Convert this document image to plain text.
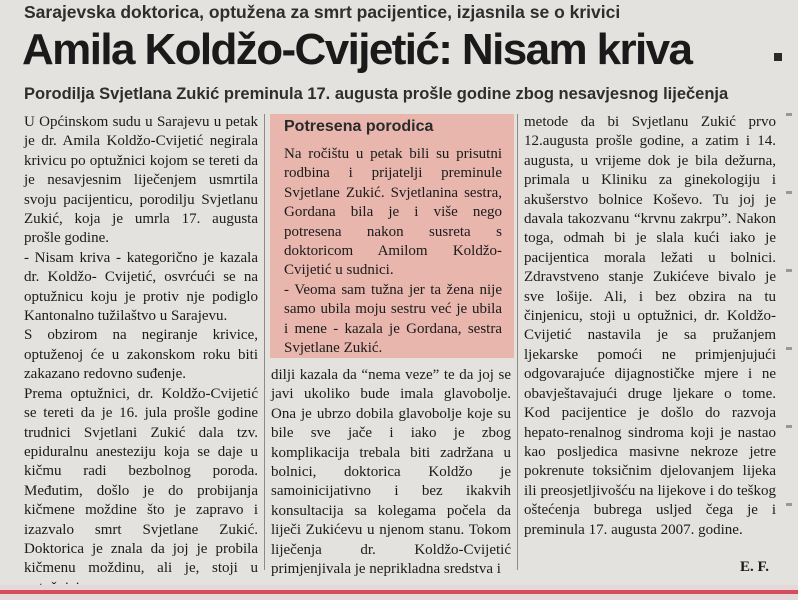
Sarajevska doktorica, optužena za smrt pacijentice, izjasnila se o krivici
Amila Koldžo-Cvijetić: Nisam kriva
Porodilja Svjetlana Zukić preminula 17. augusta prošle godine zbog nesavjesnog liječenja

U Općinskom sudu u Sarajevu u petak je dr. Amila Koldžo-Cvijetić negirala krivicu po optužnici kojom se tereti da je nesavjesnim liječenjem usmrtila svoju pacijenticu, porodilju Svjetlanu Zukić, koja je umrla 17. augusta prošle godine.

- Nisam kriva - kategorično je kazala dr. Koldžo- Cvijetić, osvrćući se na optužnicu koju je protiv nje podiglo Kantonalno tužilaštvo u Sarajevu.

S obzirom na negiranje krivice, optuženoj će u zakonskom roku biti zakazano redovno suđenje.

Prema optužnici, dr. Koldžo-Cvijetić se tereti da je 16. jula prošle godine trudnici Svjetlani Zukić dala tzv. epiduralnu anesteziju koja se daje u kičmu radi bezbolnog poroda. Međutim, došlo je do probijanja kičmene moždine što je zapravo i izazvalo smrt Svjetlane Zukić. Doktorica je znala da joj je probila kičmenu moždinu, ali je, stoji u

Potresena porodica

Na ročištu u petak bili su prisutni rodbina i prijatelji preminule Svjetlane Zukić. Svjetlanina sestra, Gordana bila je i više nego potresena nakon susreta s doktoricom Amilom Koldžo-Cvijetić u sudnici.

- Veoma sam tužna jer ta žena nije samo ubila moju sestru već je ubila i mene - kazala je Gordana, sestra Svjetlane Zukić.

dilji kazala da “nema veze” te da joj se javi ukoliko bude imala glavobolje. Ona je ubrzo dobila glavobolje koje su bile sve jače i iako je zbog komplikacija trebala biti zadržana u bolnici, doktorica Koldžo je samoinicijativno i bez ikakvih konsultacija sa kolegama počela da liječi Zukićevu u njenom stanu. Tokom liječenja dr. Koldžo-Cvijetić primjenjivala je neprikladna sredstva i

metode da bi Svjetlanu Zukić prvo 12.augusta prošle godine, a zatim i 14. augusta, u vrijeme dok je bila dežurna, primala u Kliniku za ginekologiju i akušerstvo bolnice Koševo. Tu joj je davala takozvanu “krvnu zakrpu”. Nakon toga, odmah bi je slala kući iako je pacijentica morala ležati u bolnici. Zdravstveno stanje Zukićeve bivalo je sve lošije. Ali, i bez obzira na tu činjenicu, stoji u optužnici, dr. Koldžo-Cvijetić nastavila je sa pružanjem ljekarske pomoći ne primjenjujući odgovarajuće dijagnostičke mjere i ne obavještavajući druge ljekare o tome. Kod pacijentice je došlo do razvoja hepato-renalnog sindroma koji je nastao kao posljedica masivne nekroze jetre pokrenute toksičnim djelovanjem lijeka ili preosjetljivošću na lijekove i do teškog oštećenja bubrega usljed čega je i preminula 17. augusta 2007. godine.

E. F.
